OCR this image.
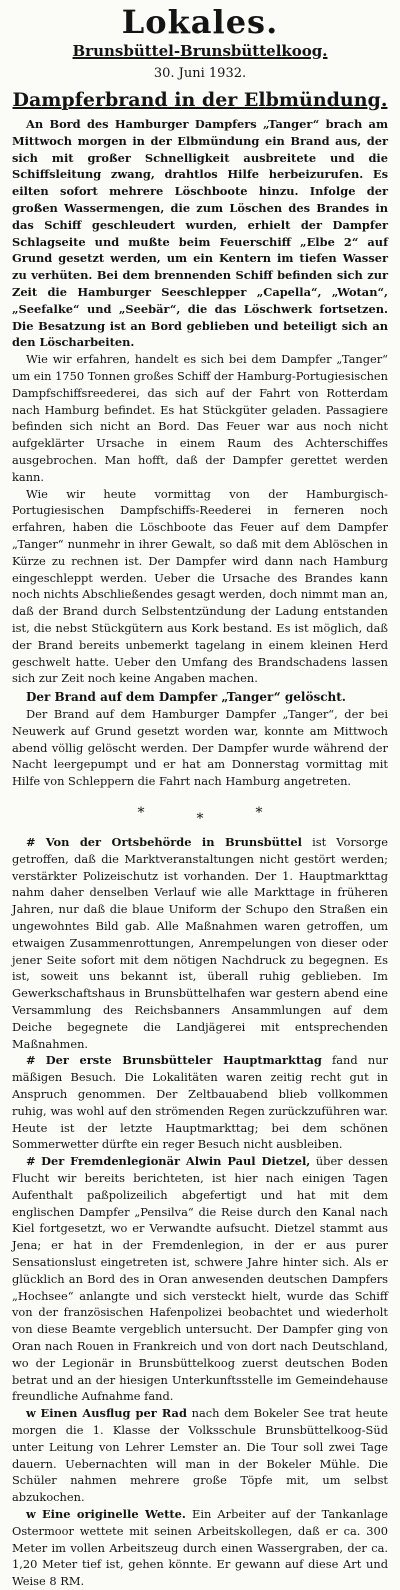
Lokales.
Brunsbüttel-Brunsbüttelkoog.
30. Juni 1932.
Dampferbrand in der Elbmündung.

An Bord des Hamburger Dampfers „Tanger“ brach am Mittwoch morgen in der Elbmündung ein Brand aus, der sich mit großer Schnelligkeit ausbreitete und die Schiffsleitung zwang, drahtlos Hilfe herbeizurufen. Es eilten sofort mehrere Löschboote hinzu. Infolge der großen Wassermengen, die zum Löschen des Brandes in das Schiff geschleudert wurden, erhielt der Dampfer Schlagseite und mußte beim Feuerschiff „Elbe 2“ auf Grund gesetzt werden, um ein Kentern im tiefen Wasser zu verhüten. Bei dem brennenden Schiff befinden sich zur Zeit die Hamburger Seeschlepper „Capella“, „Wotan“, „Seefalke“ und „Seebär“, die das Löschwerk fortsetzen. Die Besatzung ist an Bord geblieben und beteiligt sich an den Löscharbeiten.

Wie wir erfahren, handelt es sich bei dem Dampfer „Tanger“ um ein 1750 Tonnen großes Schiff der Hamburg-Portugiesischen Dampfschiffsreederei, das sich auf der Fahrt von Rotterdam nach Hamburg befindet. Es hat Stückgüter geladen. Passagiere befinden sich nicht an Bord. Das Feuer war aus noch nicht aufgeklärter Ursache in einem Raum des Achterschiffes ausgebrochen. Man hofft, daß der Dampfer gerettet werden kann.

Wie wir heute vormittag von der Hamburgisch-Portugiesischen Dampfschiffs-Reederei in ferneren noch erfahren, haben die Löschboote das Feuer auf dem Dampfer „Tanger“ nunmehr in ihrer Gewalt, so daß mit dem Ablöschen in Kürze zu rechnen ist. Der Dampfer wird dann nach Hamburg eingeschleppt werden. Ueber die Ursache des Brandes kann noch nichts Abschließendes gesagt werden, doch nimmt man an, daß der Brand durch Selbstentzündung der Ladung entstanden ist, die nebst Stückgütern aus Kork bestand. Es ist möglich, daß der Brand bereits unbemerkt tagelang in einem kleinen Herd geschwelt hatte. Ueber den Umfang des Brandschadens lassen sich zur Zeit noch keine Angaben machen.

Der Brand auf dem Dampfer „Tanger“ gelöscht.

Der Brand auf dem Hamburger Dampfer „Tanger“, der bei Neuwerk auf Grund gesetzt worden war, konnte am Mittwoch abend völlig gelöscht werden. Der Dampfer wurde während der Nacht leergepumpt und er hat am Donnerstag vormittag mit Hilfe von Schleppern die Fahrt nach Hamburg angetreten.

*	*	*

# Von der Ortsbehörde in Brunsbüttel ist Vorsorge getroffen, daß die Marktveranstaltungen nicht gestört werden; verstärkter Polizeischutz ist vorhanden. Der 1. Hauptmarkttag nahm daher denselben Verlauf wie alle Markttage in früheren Jahren, nur daß die blaue Uniform der Schupo den Straßen ein ungewohntes Bild gab. Alle Maßnahmen waren getroffen, um etwaigen Zusammenrottungen, Anrempelungen von dieser oder jener Seite sofort mit dem nötigen Nachdruck zu begegnen. Es ist, soweit uns bekannt ist, überall ruhig geblieben. Im Gewerkschaftshaus in Brunsbüttelhafen war gestern abend eine Versammlung des Reichsbanners Ansammlungen auf dem Deiche begegnete die Landjägerei mit entsprechenden Maßnahmen.

# Der erste Brunsbütteler Hauptmarkttag fand nur mäßigen Besuch. Die Lokalitäten waren zeitig recht gut in Anspruch genommen. Der Zeltbauabend blieb vollkommen ruhig, was wohl auf den strömenden Regen zurückzuführen war. Heute ist der letzte Hauptmarkttag; bei dem schönen Sommerwetter dürfte ein reger Besuch nicht ausbleiben.

# Der Fremdenlegionär Alwin Paul Dietzel, über dessen Flucht wir bereits berichteten, ist hier nach einigen Tagen Aufenthalt paßpolizeilich abgefertigt und hat mit dem englischen Dampfer „Pensilva“ die Reise durch den Kanal nach Kiel fortgesetzt, wo er Verwandte aufsucht. Dietzel stammt aus Jena; er hat in der Fremdenlegion, in der er aus purer Sensationslust eingetreten ist, schwere Jahre hinter sich. Als er glücklich an Bord des in Oran anwesenden deutschen Dampfers „Hochsee“ anlangte und sich versteckt hielt, wurde das Schiff von der französischen Hafenpolizei beobachtet und wiederholt von diese Beamte vergeblich untersucht. Der Dampfer ging von Oran nach Rouen in Frankreich und von dort nach Deutschland, wo der Legionär in Brunsbüttelkoog zuerst deutschen Boden betrat und an der hiesigen Unterkunftsstelle im Gemeindehause freundliche Aufnahme fand.

w Einen Ausflug per Rad nach dem Bokeler See trat heute morgen die 1. Klasse der Volksschule Brunsbüttelkoog-Süd unter Leitung von Lehrer Lemster an. Die Tour soll zwei Tage dauern. Uebernachten will man in der Bokeler Mühle. Die Schüler nahmen mehrere große Töpfe mit, um selbst abzukochen.

w Eine originelle Wette. Ein Arbeiter auf der Tankanlage Ostermoor wettete mit seinen Arbeitskollegen, daß er ca. 300 Meter im vollen Arbeitszeug durch einen Wassergraben, der ca. 1,20 Meter tief ist, gehen könnte. Er gewann auf diese Art und Weise 8 RM.
